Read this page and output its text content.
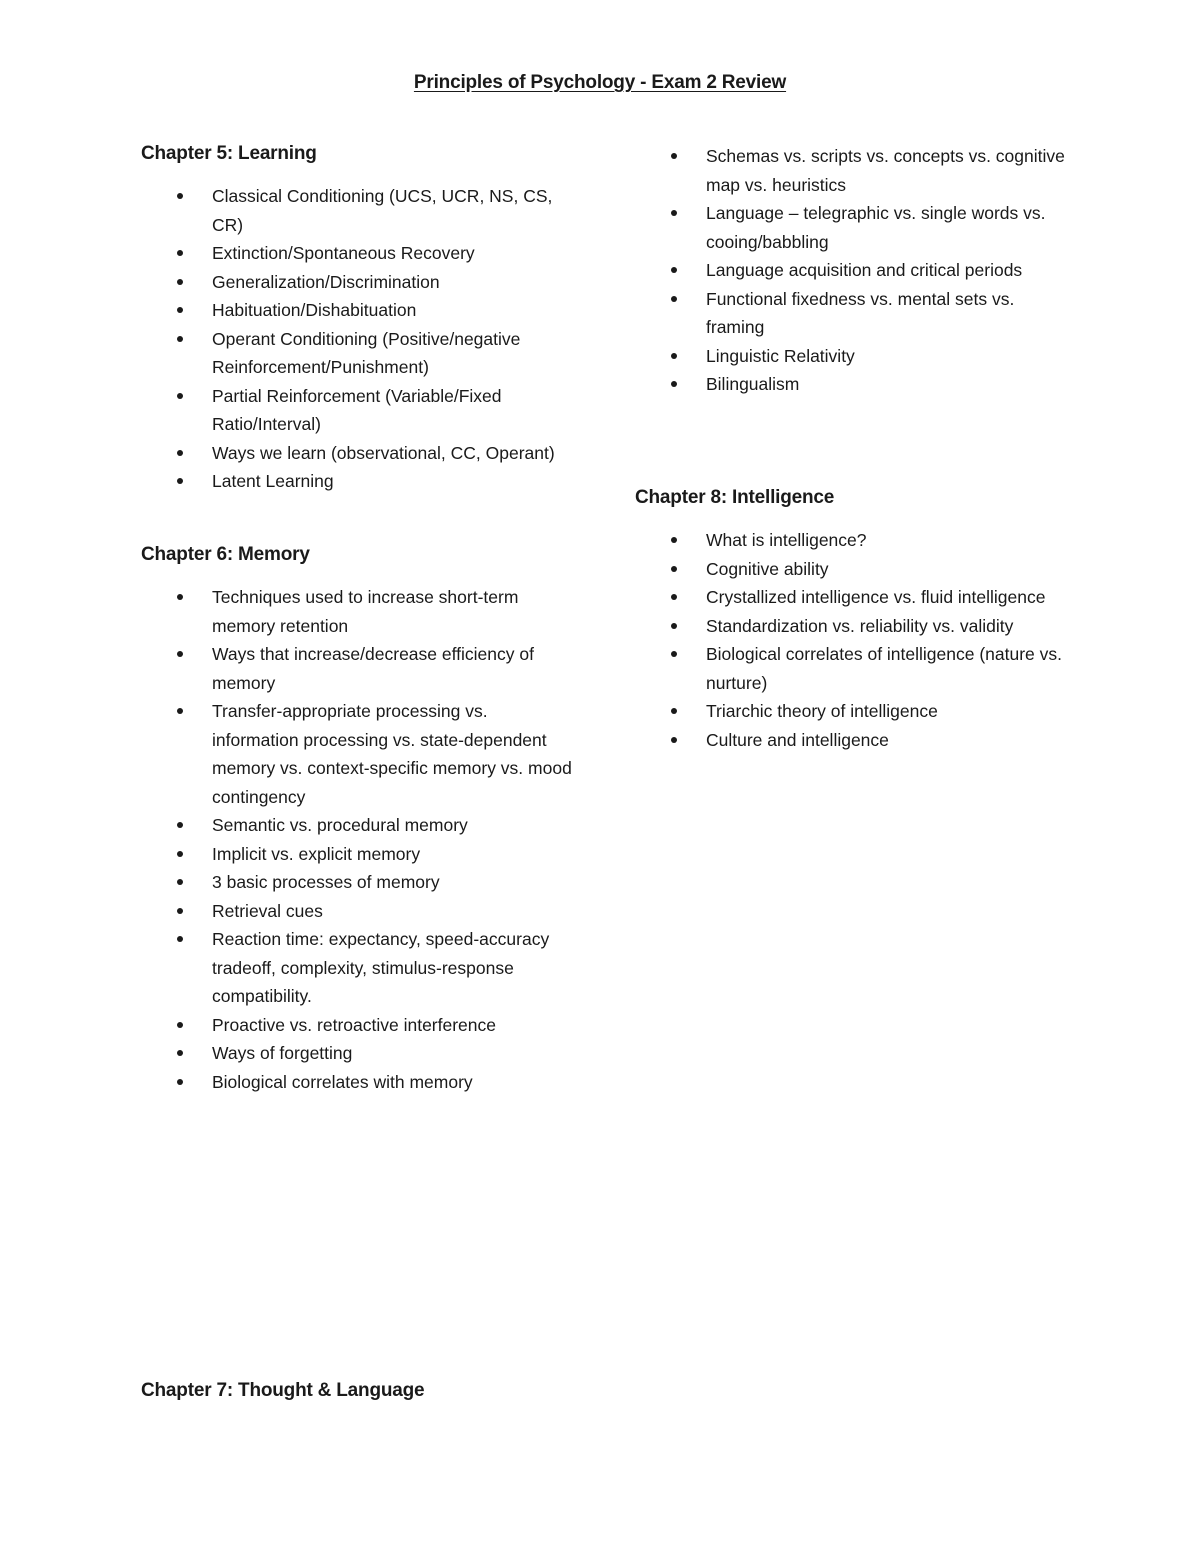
Principles of Psychology - Exam 2 Review
Chapter 5: Learning
Classical Conditioning (UCS, UCR, NS, CS, CR)
Extinction/Spontaneous Recovery
Generalization/Discrimination
Habituation/Dishabituation
Operant Conditioning (Positive/negative Reinforcement/Punishment)
Partial Reinforcement (Variable/Fixed Ratio/Interval)
Ways we learn (observational, CC, Operant)
Latent Learning
Chapter 6: Memory
Techniques used to increase short-term memory retention
Ways that increase/decrease efficiency of memory
Transfer-appropriate processing vs. information processing vs. state-dependent memory vs. context-specific memory vs. mood contingency
Semantic vs. procedural memory
Implicit vs. explicit memory
3 basic processes of memory
Retrieval cues
Reaction time: expectancy, speed-accuracy tradeoff, complexity, stimulus-response compatibility.
Proactive vs. retroactive interference
Ways of forgetting
Biological correlates with memory
Chapter 7: Thought & Language
Schemas vs. scripts vs. concepts vs. cognitive map vs. heuristics
Language – telegraphic vs. single words vs. cooing/babbling
Language acquisition and critical periods
Functional fixedness vs. mental sets vs. framing
Linguistic Relativity
Bilingualism
Chapter 8: Intelligence
What is intelligence?
Cognitive ability
Crystallized intelligence vs. fluid intelligence
Standardization vs. reliability vs. validity
Biological correlates of intelligence (nature vs. nurture)
Triarchic theory of intelligence
Culture and intelligence
